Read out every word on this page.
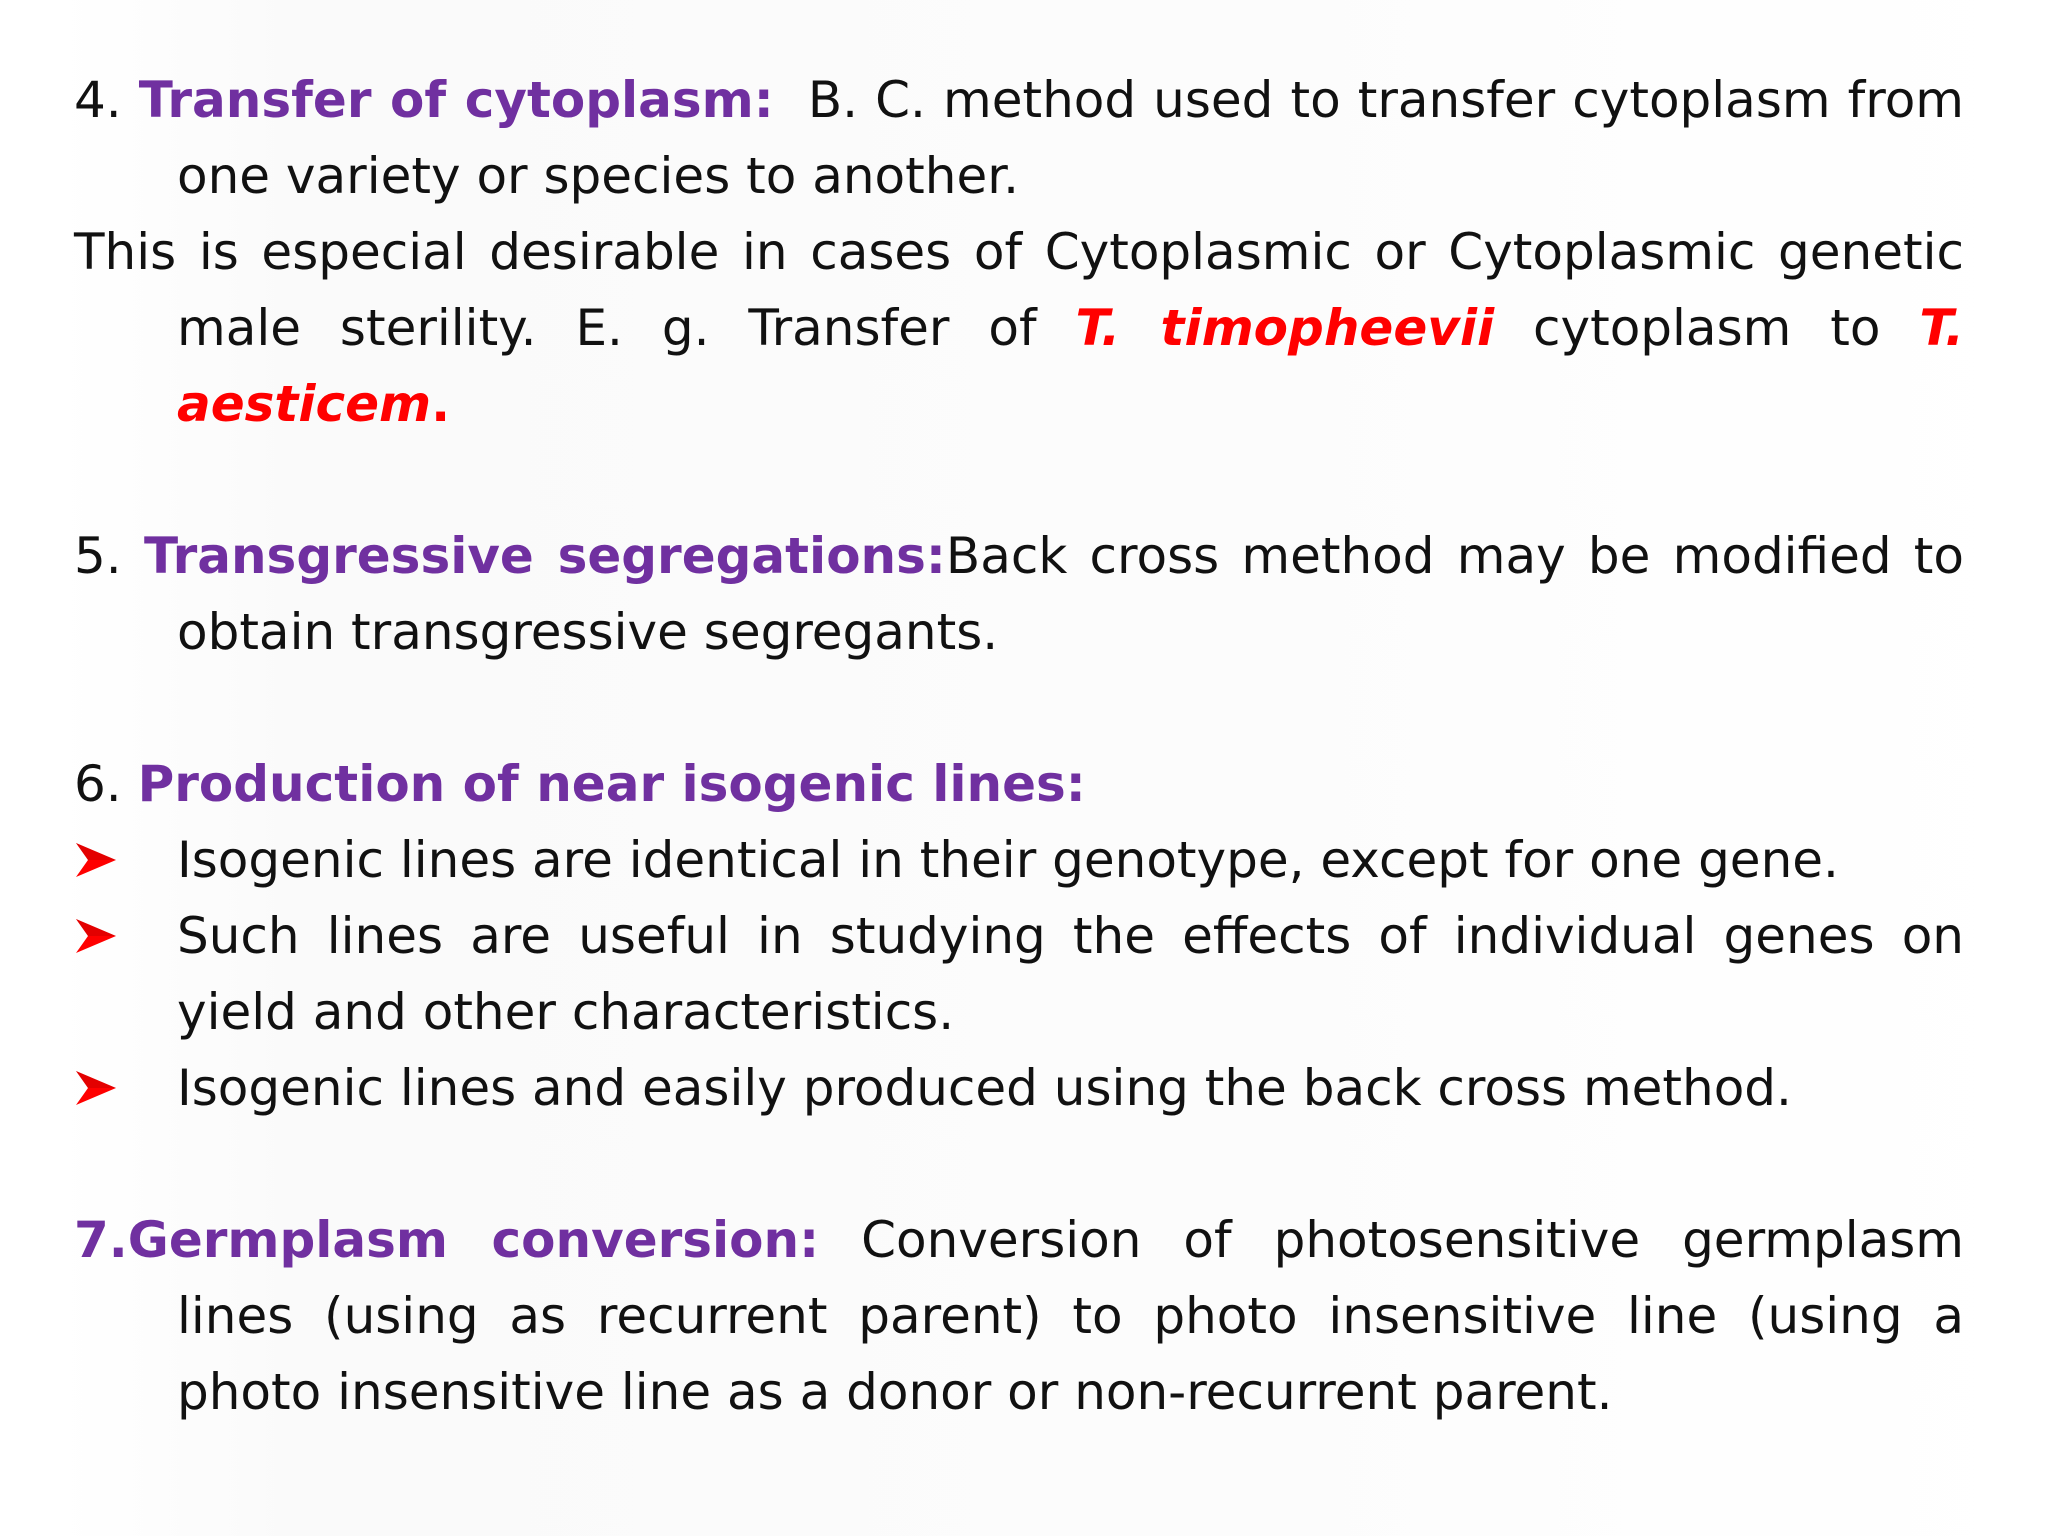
4. Transfer of cytoplasm:  B. C. method used to transfer cytoplasm from one variety or species to another.

This is especial desirable in cases of Cytoplasmic or Cytoplasmic genetic male sterility. E. g. Transfer of T. timopheevii cytoplasm to T. aesticem.

5. Transgressive segregations:Back cross method may be modified to obtain transgressive segregants.

6. Production of near isogenic lines:

Isogenic lines are identical in their genotype, except for one gene.
Such lines are useful in studying the effects of individual genes on yield and other characteristics.
Isogenic lines and easily produced using the back cross method.

7.Germplasm conversion: Conversion of photosensitive germplasm lines (using as recurrent parent) to photo insensitive line (using a photo insensitive line as a donor or non-recurrent parent.
